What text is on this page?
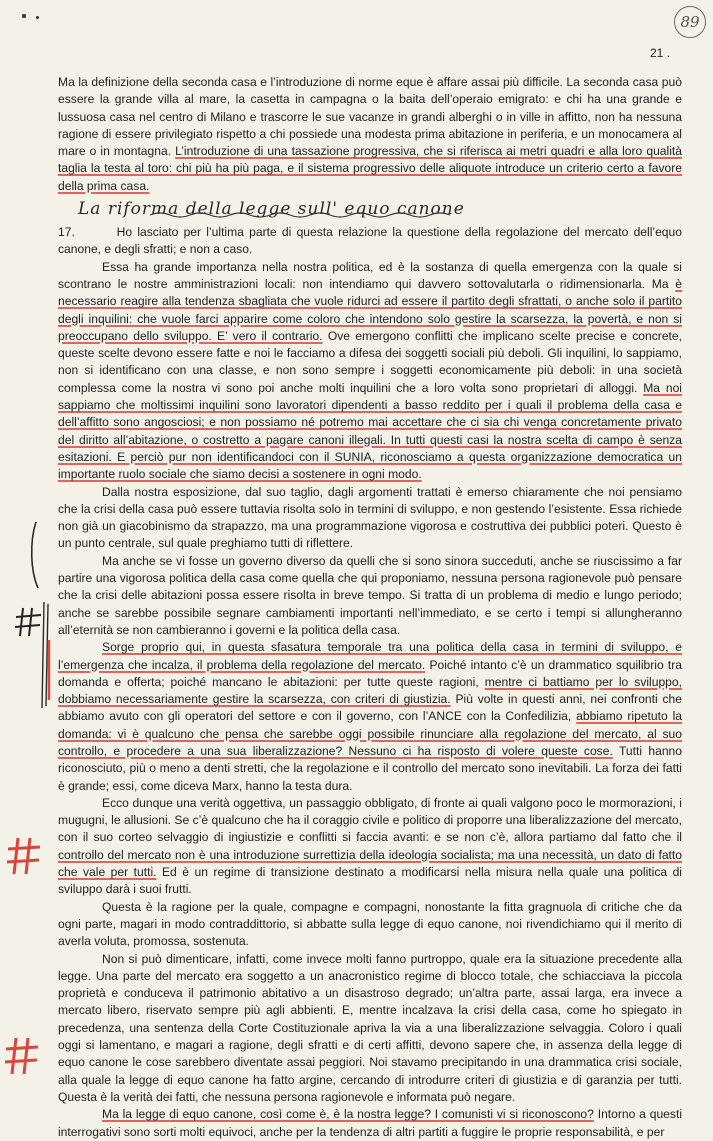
89
21 .

Ma la definizione della seconda casa e l’introduzione di norme eque è affare assai più difficile. La seconda casa può essere la grande villa al mare, la casetta in campagna o la baita dell’operaio emigrato: e chi ha una grande e lussuosa casa nel centro di Milano e trascorre le sue vacanze in grandi alberghi o in ville in affitto, non ha nessuna ragione di essere privilegiato rispetto a chi possiede una modesta prima abitazione in periferia, e un monocamera al mare o in montagna. L’introduzione di una tassazione progressiva, che si riferisca ai metri quadri e alla loro qualità taglia la testa al toro: chi più ha più paga, e il sistema progressivo delle aliquote introduce un criterio certo a favore della prima casa.

La riforma della legge sull' equo canone

17.        Ho lasciato per l’ultima parte di questa relazione la questione della regolazione del mercato dell’equo canone, e degli sfratti; e non a caso.

Essa ha grande importanza nella nostra politica, ed è la sostanza di quella emergenza con la quale si scontrano le nostre amministrazioni locali: non intendiamo qui davvero sottovalutarla o ridimensionarla. Ma è necessario reagire alla tendenza sbagliata che vuole ridurci ad essere il partito degli sfrattati, o anche solo il partito degli inquilini: che vuole farci apparire come coloro che intendono solo gestire la scarsezza, la povertà, e non si preoccupano dello sviluppo. E’ vero il contrario. Ove emergono conflitti che implicano scelte precise e concrete, queste scelte devono essere fatte e noi le facciamo a difesa dei soggetti sociali più deboli. Gli inquilini, lo sappiamo, non si identificano con una classe, e non sono sempre i soggetti economicamente più deboli: in una società complessa come la nostra vi sono poi anche molti inquilini che a loro volta sono proprietari di alloggi. Ma noi sappiamo che moltissimi inquilini sono lavoratori dipendenti a basso reddito per i quali il problema della casa e dell’affitto sono angosciosi; e non possiamo né potremo mai accettare che ci sia chi venga concretamente privato del diritto all’abitazione, o costretto a pagare canoni illegali. In tutti questi casi la nostra scelta di campo è senza esitazioni. E perciò pur non identificandoci con il SUNIA, riconosciamo a questa organizzazione democratica un importante ruolo sociale che siamo decisi a sostenere in ogni modo.

Dalla nostra esposizione, dal suo taglio, dagli argomenti trattati è emerso chiaramente che noi pensiamo che la crisi della casa può essere tuttavia risolta solo in termini di sviluppo, e non gestendo l’esistente. Essa richiede non già un giacobinismo da strapazzo, ma una programmazione vigorosa e costruttiva dei pubblici poteri. Questo è un punto centrale, sul quale preghiamo tutti di riflettere.

Ma anche se vi fosse un governo diverso da quelli che si sono sinora succeduti, anche se riuscissimo a far partire una vigorosa politica della casa come quella che qui proponiamo, nessuna persona ragionevole può pensare che la crisi delle abitazioni possa essere risolta in breve tempo. Si tratta di un problema di medio e lungo periodo; anche se sarebbe possibile segnare cambiamenti importanti nell’immediato, e se certo i tempi si allungheranno all’eternità se non cambieranno i governi e la politica della casa.

Sorge proprio qui, in questa sfasatura temporale tra una politica della casa in termini di sviluppo, e l’emergenza che incalza, il problema della regolazione del mercato. Poiché intanto c’è un drammatico squilibrio tra domanda e offerta; poiché mancano le abitazioni: per tutte queste ragioni, mentre ci battiamo per lo sviluppo, dobbiamo necessariamente gestire la scarsezza, con criteri di giustizia. Più volte in questi anni, nei confronti che abbiamo avuto con gli operatori del settore e con il governo, con l’ANCE con la Confedilizia, abbiamo ripetuto la domanda: vi è qualcuno che pensa che sarebbe oggi possibile rinunciare alla regolazione del mercato, al suo controllo, e procedere a una sua liberalizzazione? Nessuno ci ha risposto di volere queste cose. Tutti hanno riconosciuto, più o meno a denti stretti, che la regolazione e il controllo del mercato sono inevitabili. La forza dei fatti è grande; essi, come diceva Marx, hanno la testa dura.

Ecco dunque una verità oggettiva, un passaggio obbligato, di fronte ai quali valgono poco le mormorazioni, i mugugni, le allusioni. Se c’è qualcuno che ha il coraggio civile e politico di proporre una liberalizzazione del mercato, con il suo corteo selvaggio di ingiustizie e conflitti si faccia avanti: e se non c’è, allora partiamo dal fatto che il controllo del mercato non è una introduzione surrettizia della ideologia socialista; ma una necessità, un dato di fatto che vale per tutti. Ed è un regime di transizione destinato a modificarsi nella misura nella quale una politica di sviluppo darà i suoi frutti.

Questa è la ragione per la quale, compagne e compagni, nonostante la fitta gragnuola di critiche che da ogni parte, magari in modo contraddittorio, si abbatte sulla legge di equo canone, noi rivendichiamo qui il merito di averla voluta, promossa, sostenuta.

Non si può dimenticare, infatti, come invece molti fanno purtroppo, quale era la situazione precedente alla legge. Una parte del mercato era soggetto a un anacronistico regime di blocco totale, che schiacciava la piccola proprietà e conduceva il patrimonio abitativo a un disastroso degrado; un’altra parte, assai larga, era invece a mercato libero, riservato sempre più agli abbienti. E, mentre incalzava la crisi della casa, come ho spiegato in precedenza, una sentenza della Corte Costituzionale apriva la via a una liberalizzazione selvaggia. Coloro i quali oggi si lamentano, e magari a ragione, degli sfratti e di certi affitti, devono sapere che, in assenza della legge di equo canone le cose sarebbero diventate assai peggiori. Noi stavamo precipitando in una drammatica crisi sociale, alla quale la legge di equo canone ha fatto argine, cercando di introdurre criteri di giustizia e di garanzia per tutti. Questa è la verità dei fatti, che nessuna persona ragionevole e informata può negare.

Ma la legge di equo canone, così come è, è la nostra legge? I comunisti vi si riconoscono? Intorno a questi interrogativi sono sorti molti equivoci, anche per la tendenza di altri partiti a fuggire le proprie responsabilità, e per
